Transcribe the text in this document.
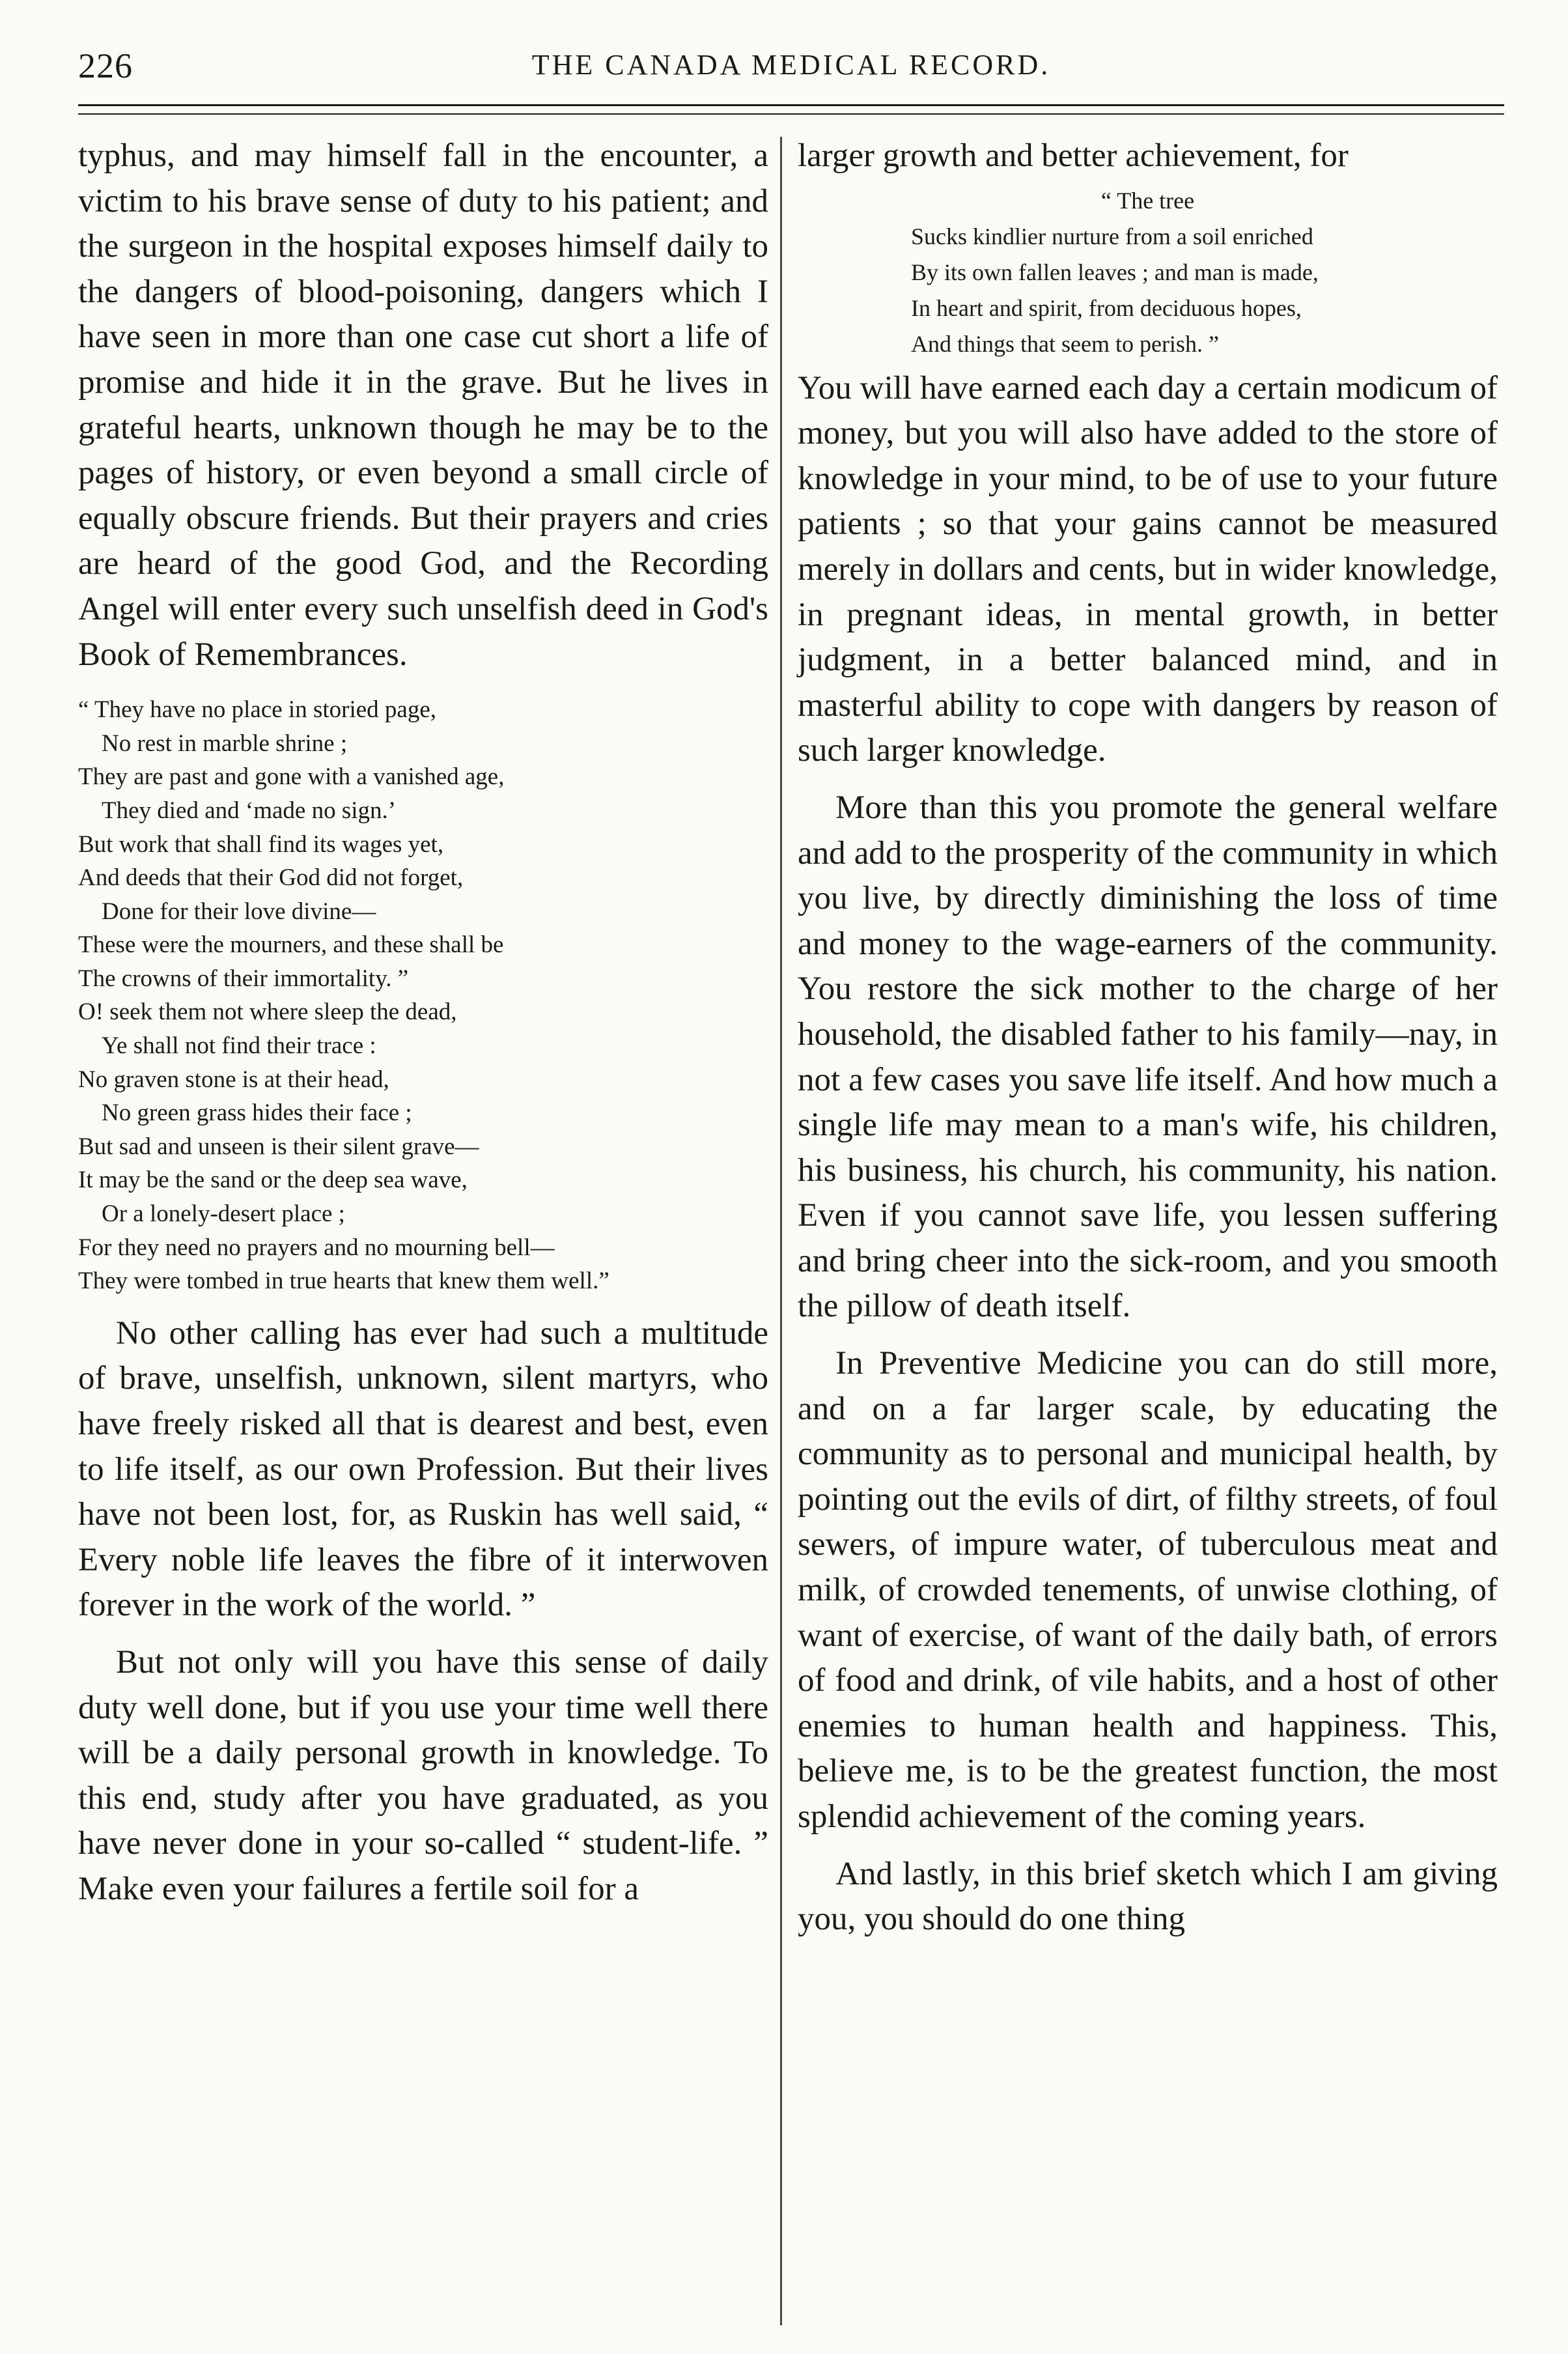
226	THE CANADA MEDICAL RECORD.

typhus, and may himself fall in the encounter, a victim to his brave sense of duty to his patient; and the surgeon in the hospital exposes himself daily to the dangers of blood-poisoning, dangers which I have seen in more than one case cut short a life of promise and hide it in the grave. But he lives in grateful hearts, unknown though he may be to the pages of history, or even beyond a small circle of equally obscure friends. But their prayers and cries are heard of the good God, and the Recording Angel will enter every such unselfish deed in God's Book of Remembrances.

“ They have no place in storied page,
No rest in marble shrine ;
They are past and gone with a vanished age,
They died and ‘made no sign.’
But work that shall find its wages yet,
And deeds that their God did not forget,
Done for their love divine—
These were the mourners, and these shall be
The crowns of their immortality. ”
O! seek them not where sleep the dead,
Ye shall not find their trace :
No graven stone is at their head,
No green grass hides their face ;
But sad and unseen is their silent grave—
It may be the sand or the deep sea wave,
Or a lonely-desert place ;
For they need no prayers and no mourning bell—
They were tombed in true hearts that knew them well.”

No other calling has ever had such a multitude of brave, unselfish, unknown, silent martyrs, who have freely risked all that is dearest and best, even to life itself, as our own Profession. But their lives have not been lost, for, as Ruskin has well said, “ Every noble life leaves the fibre of it interwoven forever in the work of the world. ”

But not only will you have this sense of daily duty well done, but if you use your time well there will be a daily personal growth in knowledge. To this end, study after you have graduated, as you have never done in your so-called “ student-life. ” Make even your failures a fertile soil for a

larger growth and better achievement, for

“ The tree
Sucks kindlier nurture from a soil enriched
By its own fallen leaves ; and man is made,
In heart and spirit, from deciduous hopes,
And things that seem to perish. ”

You will have earned each day a certain modicum of money, but you will also have added to the store of knowledge in your mind, to be of use to your future patients ; so that your gains cannot be measured merely in dollars and cents, but in wider knowledge, in pregnant ideas, in mental growth, in better judgment, in a better balanced mind, and in masterful ability to cope with dangers by reason of such larger knowledge.

More than this you promote the general welfare and add to the prosperity of the community in which you live, by directly diminishing the loss of time and money to the wage-earners of the community. You restore the sick mother to the charge of her household, the disabled father to his family—nay, in not a few cases you save life itself. And how much a single life may mean to a man's wife, his children, his business, his church, his community, his nation. Even if you cannot save life, you lessen suffering and bring cheer into the sick-room, and you smooth the pillow of death itself.

In Preventive Medicine you can do still more, and on a far larger scale, by educating the community as to personal and municipal health, by pointing out the evils of dirt, of filthy streets, of foul sewers, of impure water, of tuberculous meat and milk, of crowded tenements, of unwise clothing, of want of exercise, of want of the daily bath, of errors of food and drink, of vile habits, and a host of other enemies to human health and happiness. This, believe me, is to be the greatest function, the most splendid achievement of the coming years.

And lastly, in this brief sketch which I am giving you, you should do one thing
